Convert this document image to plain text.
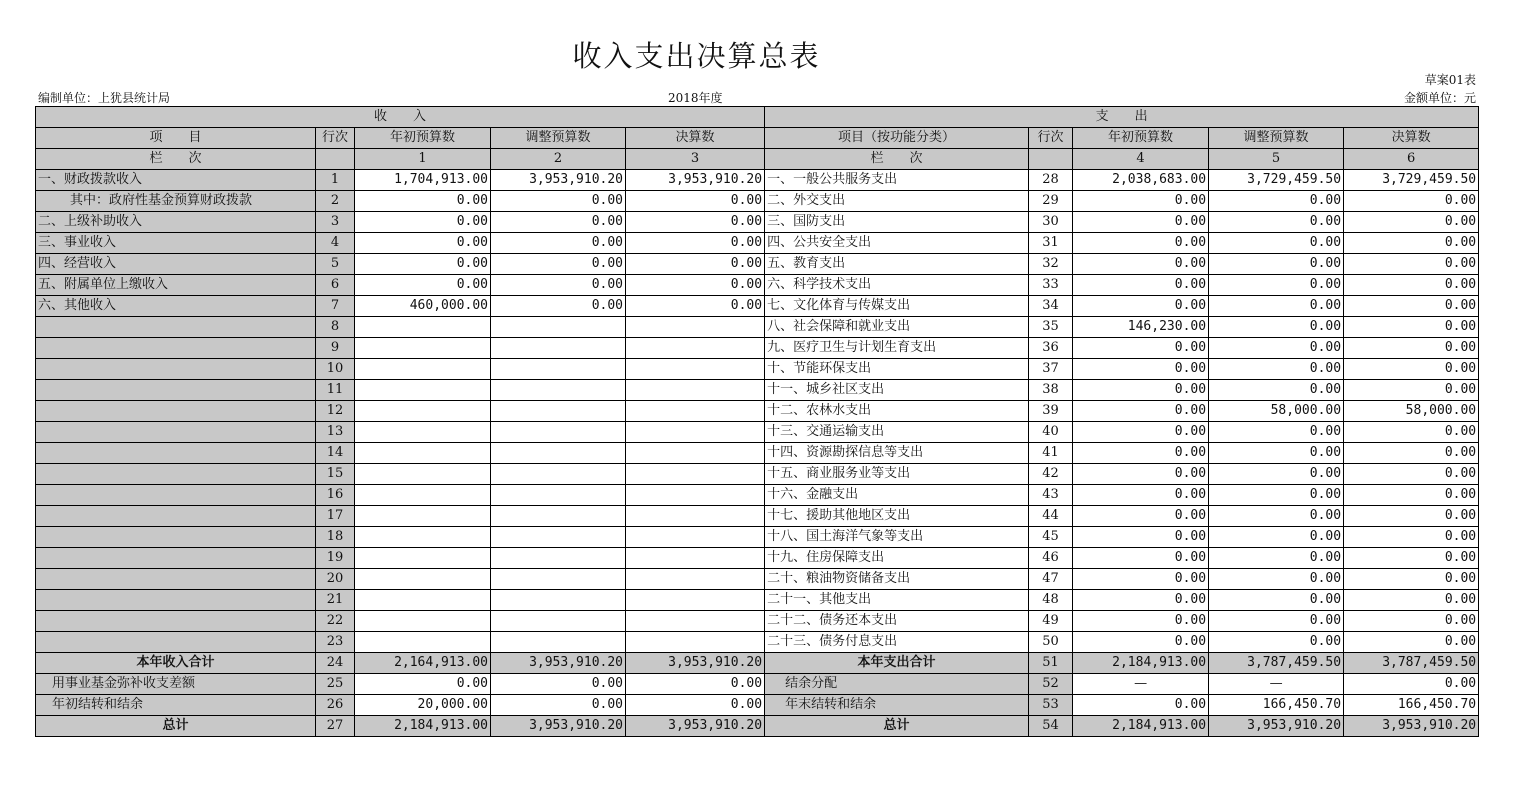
收入支出决算总表
编制单位：上犹县统计局	2018年度
草案01表
金额单位：元
收　　入					支　　出				
项　　目	行次	年初预算数	调整预算数	决算数	项目（按功能分类）	行次	年初预算数	调整预算数	决算数
栏　　次		1	2	3	栏　　次		4	5	6
一、财政拨款收入	1	1,704,913.00	3,953,910.20	3,953,910.20	一、一般公共服务支出	28	2,038,683.00	3,729,459.50	3,729,459.50
其中：政府性基金预算财政拨款	2	0.00	0.00	0.00	二、外交支出	29	0.00	0.00	0.00
二、上级补助收入	3	0.00	0.00	0.00	三、国防支出	30	0.00	0.00	0.00
三、事业收入	4	0.00	0.00	0.00	四、公共安全支出	31	0.00	0.00	0.00
四、经营收入	5	0.00	0.00	0.00	五、教育支出	32	0.00	0.00	0.00
五、附属单位上缴收入	6	0.00	0.00	0.00	六、科学技术支出	33	0.00	0.00	0.00
六、其他收入	7	460,000.00	0.00	0.00	七、文化体育与传媒支出	34	0.00	0.00	0.00
	8				八、社会保障和就业支出	35	146,230.00	0.00	0.00
	9				九、医疗卫生与计划生育支出	36	0.00	0.00	0.00
	10				十、节能环保支出	37	0.00	0.00	0.00
	11				十一、城乡社区支出	38	0.00	0.00	0.00
	12				十二、农林水支出	39	0.00	58,000.00	58,000.00
	13				十三、交通运输支出	40	0.00	0.00	0.00
	14				十四、资源勘探信息等支出	41	0.00	0.00	0.00
	15				十五、商业服务业等支出	42	0.00	0.00	0.00
	16				十六、金融支出	43	0.00	0.00	0.00
	17				十七、援助其他地区支出	44	0.00	0.00	0.00
	18				十八、国土海洋气象等支出	45	0.00	0.00	0.00
	19				十九、住房保障支出	46	0.00	0.00	0.00
	20				二十、粮油物资储备支出	47	0.00	0.00	0.00
	21				二十一、其他支出	48	0.00	0.00	0.00
	22				二十二、债务还本支出	49	0.00	0.00	0.00
	23				二十三、债务付息支出	50	0.00	0.00	0.00
本年收入合计	24	2,164,913.00	3,953,910.20	3,953,910.20	本年支出合计	51	2,184,913.00	3,787,459.50	3,787,459.50
用事业基金弥补收支差额	25	0.00	0.00	0.00	结余分配	52	—	—	0.00
年初结转和结余	26	20,000.00	0.00	0.00	年末结转和结余	53	0.00	166,450.70	166,450.70
总计	27	2,184,913.00	3,953,910.20	3,953,910.20	总计	54	2,184,913.00	3,953,910.20	3,953,910.20
